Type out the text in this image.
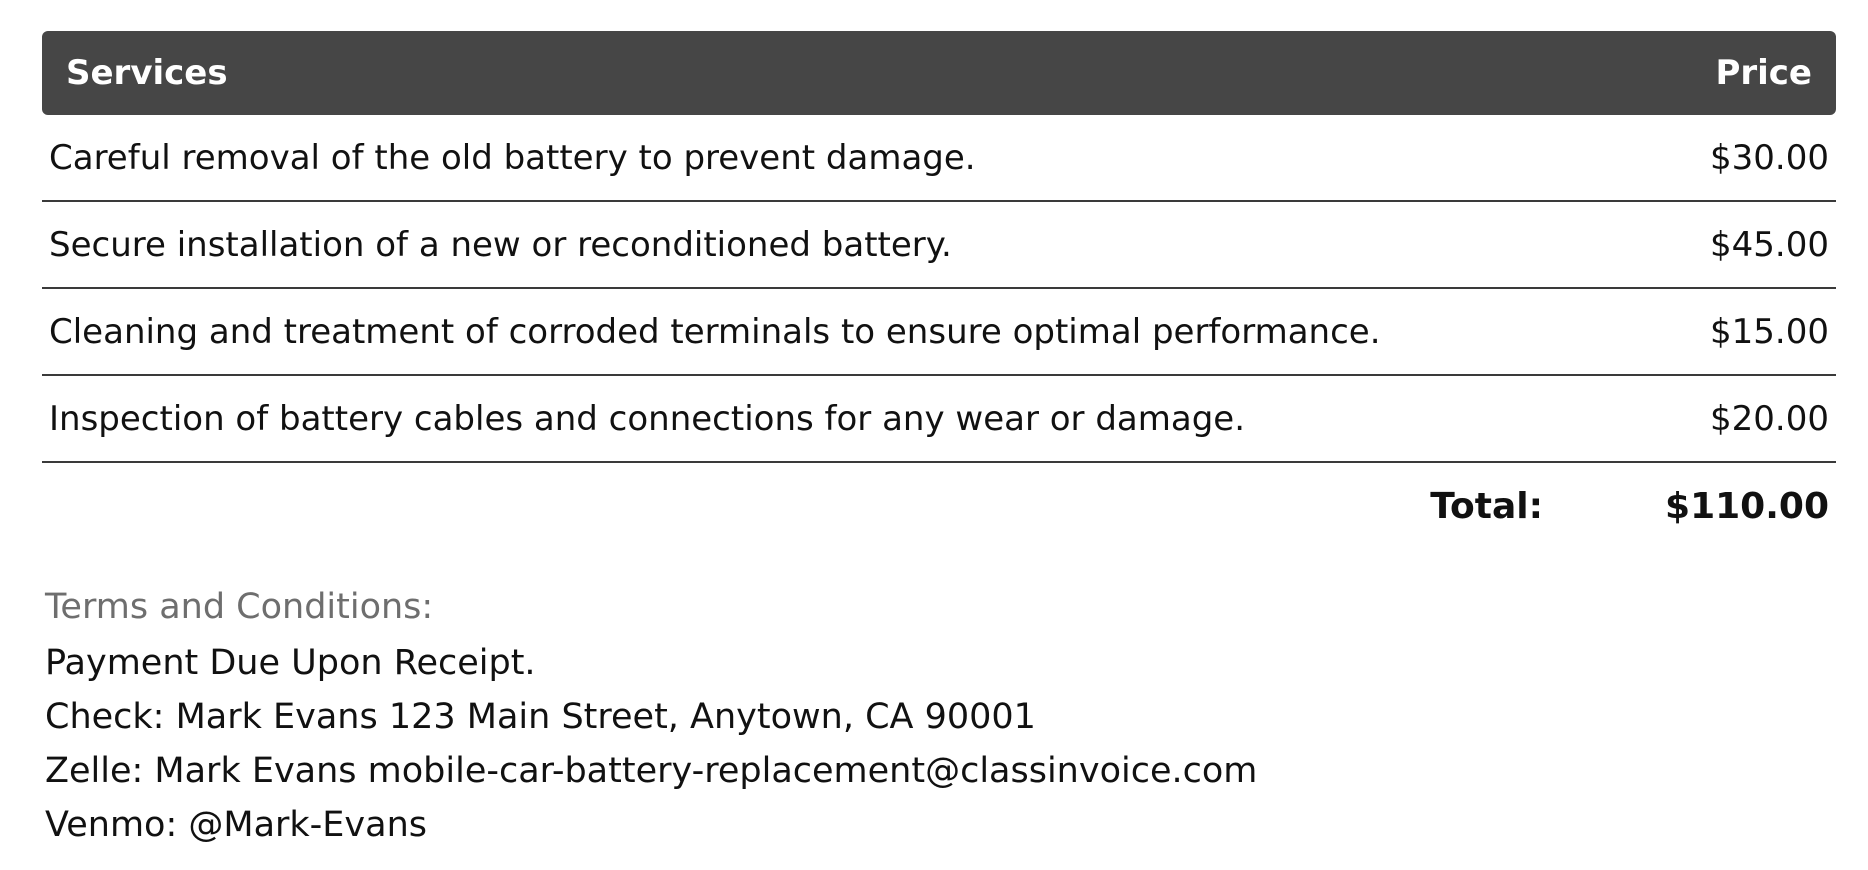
Services	Price
Careful removal of the old battery to prevent damage.	$30.00
Secure installation of a new or reconditioned battery.	$45.00
Cleaning and treatment of corroded terminals to ensure optimal performance.	$15.00
Inspection of battery cables and connections for any wear or damage.	$20.00
Total:	$110.00
Terms and Conditions:
Payment Due Upon Receipt.
Check: Mark Evans 123 Main Street, Anytown, CA 90001
Zelle: Mark Evans mobile-car-battery-replacement@classinvoice.com
Venmo: @Mark-Evans
